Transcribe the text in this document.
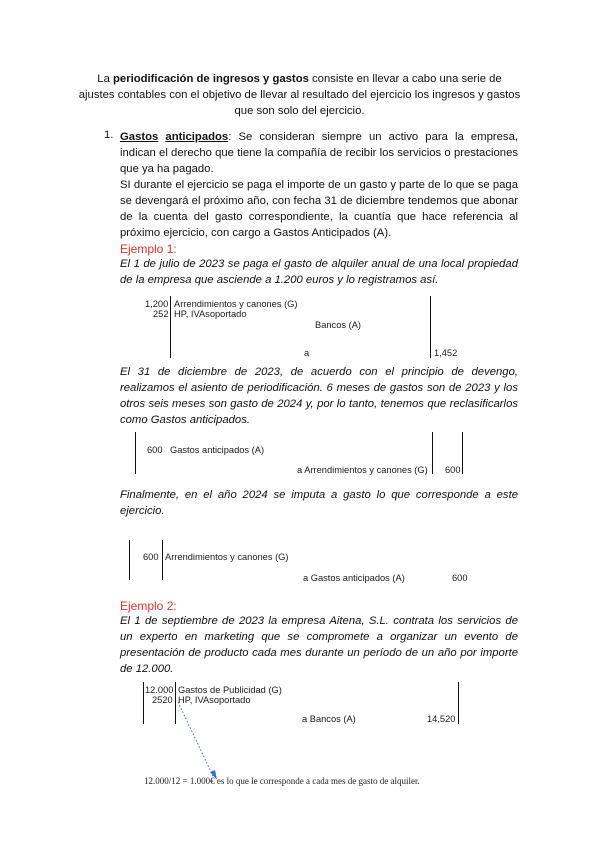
La periodificación de ingresos y gastos consiste en llevar a cabo una serie de ajustes contables con el objetivo de llevar al resultado del ejercicio los ingresos y gastos que son solo del ejercicio.
1. Gastos anticipados: Se consideran siempre un activo para la empresa, indican el derecho que tiene la compañía de recibir los servicios o prestaciones que ya ha pagado.
SI durante el ejercicio se paga el importe de un gasto y parte de lo que se paga se devengará el próximo año, con fecha 31 de diciembre tendemos que abonar de la cuenta del gasto correspondiente, la cuantía que hace referencia al próximo ejercicio, con cargo a Gastos Anticipados (A).
Ejemplo 1:
El 1 de julio de 2023 se paga el gasto de alquiler anual de una local propiedad de la empresa que asciende a 1.200 euros y lo registramos así.
1,200 Arrendimientos y canones (G)
252 HP, IVAsoportado
Bancos (A)
a	1,452
El 31 de diciembre de 2023, de acuerdo con el principio de devengo, realizamos el asiento de periodificación. 6 meses de gastos son de 2023 y los otros seis meses son gasto de 2024 y, por lo tanto, tenemos que reclasificarlos como Gastos anticipados.
600 Gastos anticipados (A)
a Arrendimientos y canones (G) 600
Finalmente, en el año 2024 se imputa a gasto lo que corresponde a este ejercicio.
600 Arrendimientos y canones (G)
a Gastos anticipados (A)	600
Ejemplo 2:
El 1 de septiembre de 2023 la empresa Aitena, S.L. contrata los servicios de un experto en marketing que se compromete a organizar un evento de presentación de producto cada mes durante un período de un año por importe de 12.000.
12.000 Gastos de Publicidad (G)
2520 HP, IVAsoportado
a Bancos (A)	14,520
12.000/12 = 1.000€ es lo que le corresponde a cada mes de gasto de alquiler.
